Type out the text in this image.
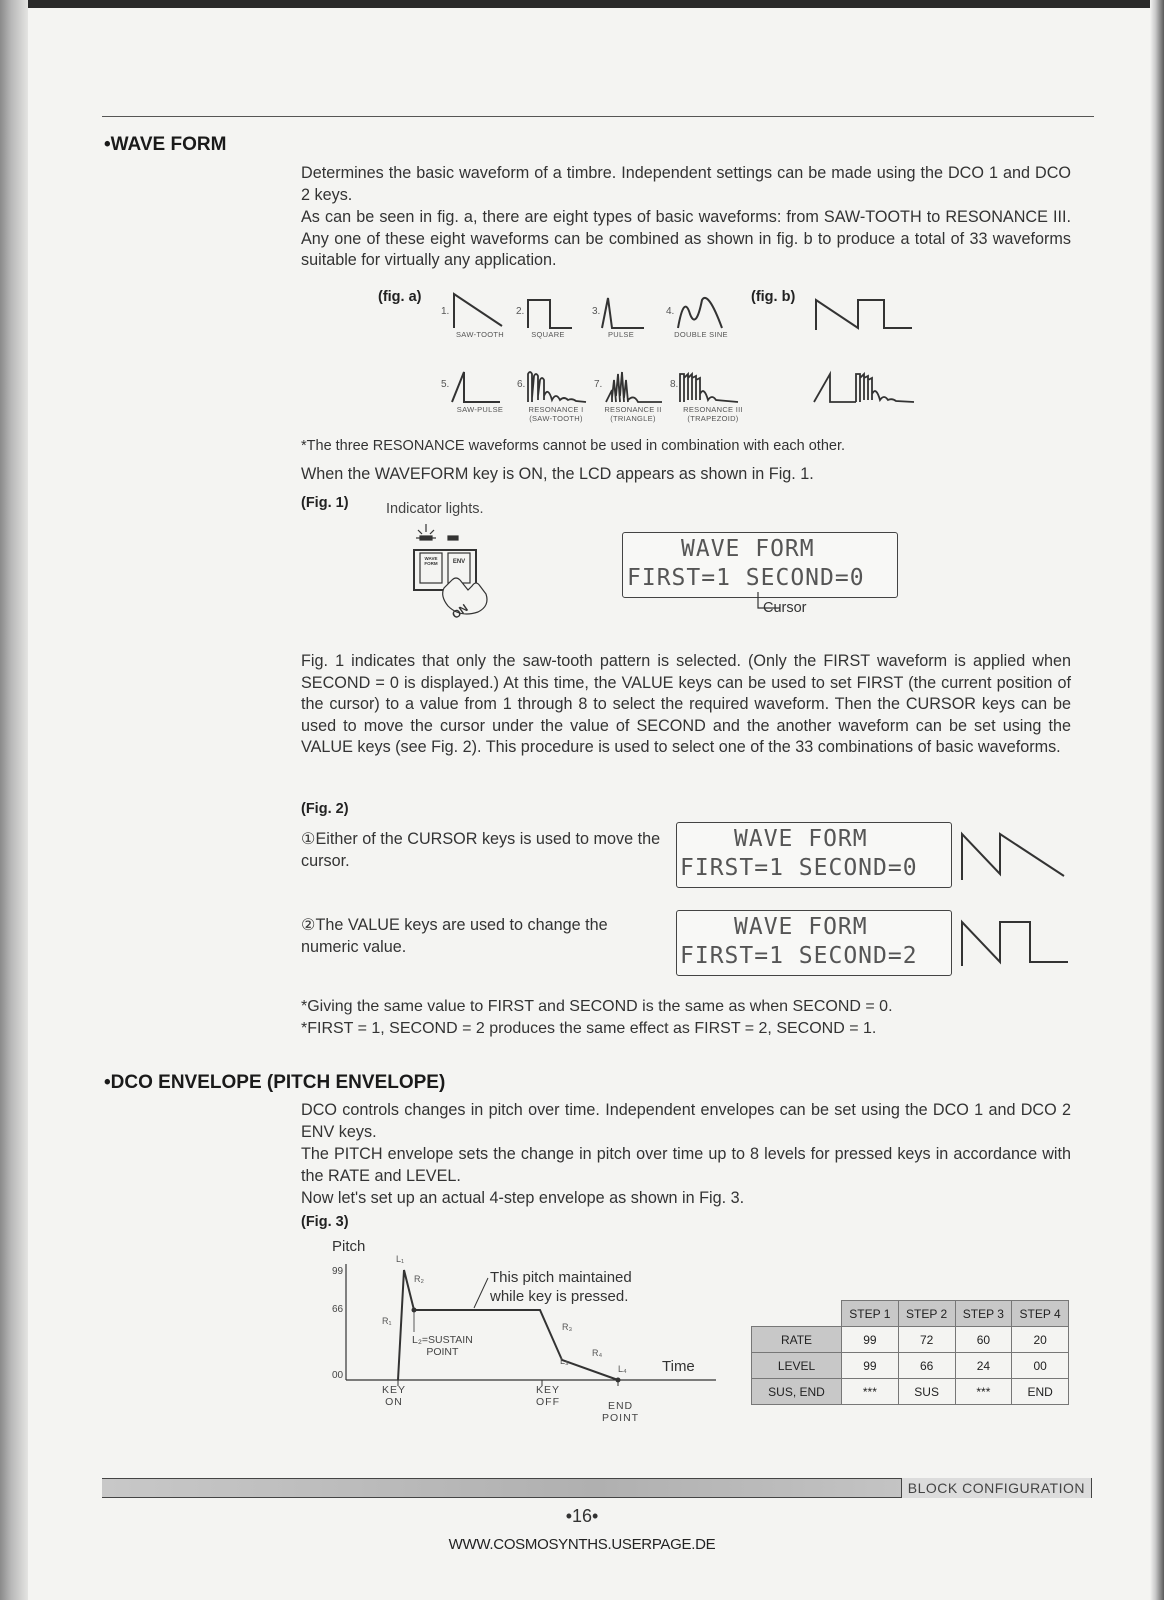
•WAVE FORM
Determines the basic waveform of a timbre. Independent settings can be made using the DCO 1 and DCO 2 keys.
As can be seen in fig. a, there are eight types of basic waveforms: from SAW-TOOTH to RESONANCE III. Any one of these eight waveforms can be combined as shown in fig. b to produce a total of 33 waveforms suitable for virtually any application.
(fig. a)	(fig. b)
1.
SAW-TOOTH
2.
SQUARE
3.
PULSE
4.
DOUBLE SINE
5.
SAW-PULSE
6.
RESONANCE I
(SAW-TOOTH)
7.
RESONANCE II
(TRIANGLE)
8.
RESONANCE III
(TRAPEZOID)
*The three RESONANCE waveforms cannot be used in combination with each other.
When the WAVEFORM key is ON, the LCD appears as shown in Fig. 1.
(Fig. 1)	Indicator lights.
WAVE FORM	ENV
ON
WAVE FORM
FIRST=1 SECOND=0
Cursor
Fig. 1 indicates that only the saw-tooth pattern is selected. (Only the FIRST waveform is applied when SECOND = 0 is displayed.) At this time, the VALUE keys can be used to set FIRST (the current position of the cursor) to a value from 1 through 8 to select the required waveform. Then the CURSOR keys can be used to move the cursor under the value of SECOND and the another waveform can be set using the VALUE keys (see Fig. 2). This procedure is used to select one of the 33 combinations of basic waveforms.
(Fig. 2)
①Either of the CURSOR keys is used to move the cursor.
WAVE FORM
FIRST=1 SECOND=0
②The VALUE keys are used to change the numeric value.
WAVE FORM
FIRST=1 SECOND=2
*Giving the same value to FIRST and SECOND is the same as when SECOND = 0.
*FIRST = 1, SECOND = 2 produces the same effect as FIRST = 2, SECOND = 1.
•DCO ENVELOPE (PITCH ENVELOPE)
DCO controls changes in pitch over time. Independent envelopes can be set using the DCO 1 and DCO 2 ENV keys.
The PITCH envelope sets the change in pitch over time up to 8 levels for pressed keys in accordance with the RATE and LEVEL.
Now let's set up an actual 4-step envelope as shown in Fig. 3.
(Fig. 3)
Pitch
99
66
00
L₁
R₂
R₁
R₃
L₃
R₄
L₄
This pitch maintained
while key is pressed.
L₂=SUSTAIN
POINT
Time
KEY
ON
KEY
OFF	END
POINT
	STEP 1	STEP 2	STEP 3	STEP 4
RATE	99	72	60	20
LEVEL	99	66	24	00
SUS, END	***	SUS	***	END
BLOCK CONFIGURATION
•16•
WWW.COSMOSYNTHS.USERPAGE.DE
